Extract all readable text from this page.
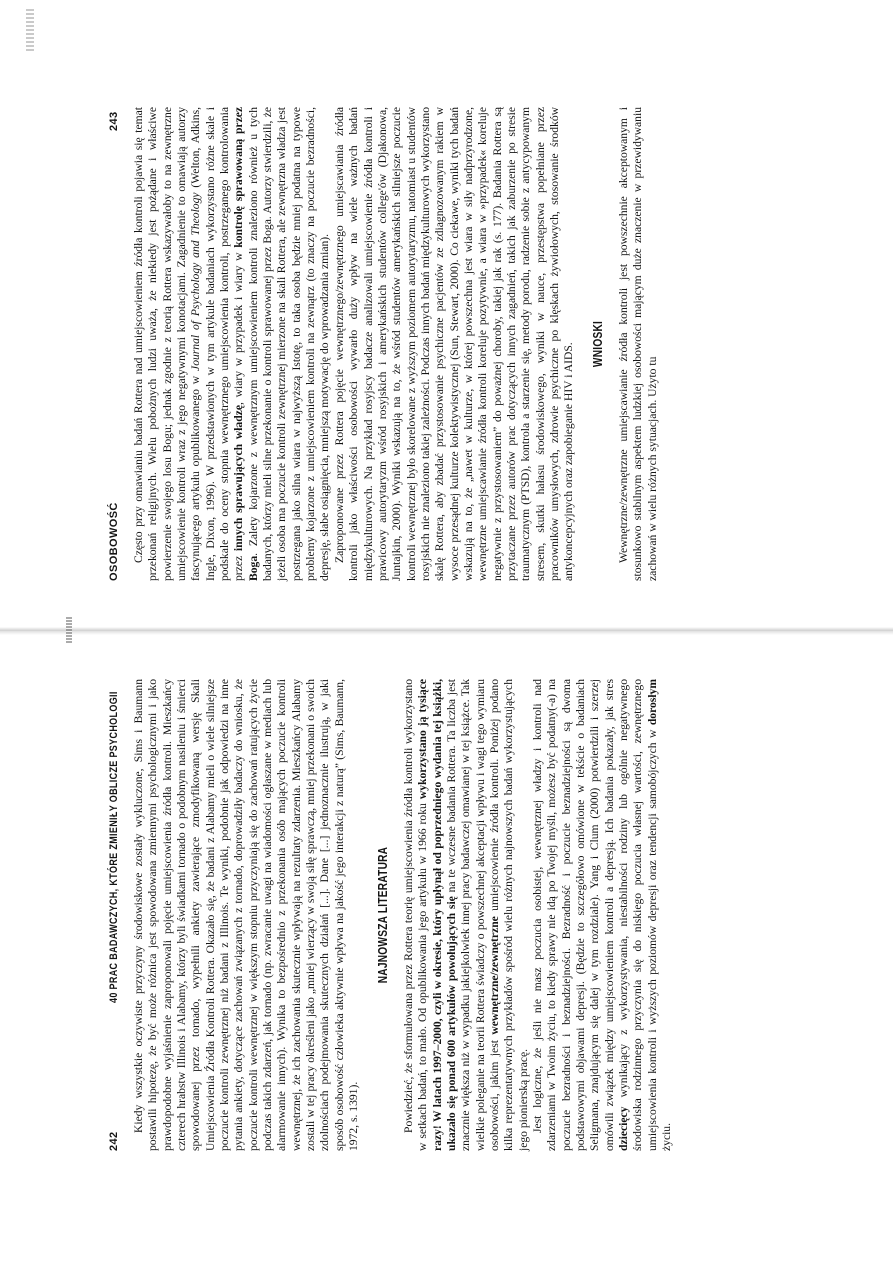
242
40 PRAC BADAWCZYCH, KTÓRE ZMIENIŁY OBLICZE PSYCHOLOGII Kiedy wszystkie oczywiste przyczyny środowiskowe zostały wykluczone, Sims i Baumann postawili hipotezę, że być może różnica jest spowodowana zmiennymi psychologicznymi i jako prawdopodobne wyjaśnienie zaproponowali pojęcie umiejscowienia źródła kontroli. Mieszkańcy czterech hrabstw Illinois i Alabamy, którzy byli świadkami tornado o podobnym nasileniu i śmierci spowodowanej przez tornado, wypełnili ankiety zawierające zmodyfikowaną wersję Skali Umiejscowienia Źródła Kontroli Rottera. Okazało się, że badani z Alabamy mieli o wiele silniejsze poczucie kontroli zewnętrznej niż badani z Illinois. Te wyniki, podobnie jak odpowiedzi na inne pytania ankiety, dotyczące zachowań związanych z tornado, doprowadziły badaczy do wniosku, że poczucie kontroli wewnętrznej w większym stopniu przyczyniają się do zachowań ratujących życie podczas takich zdarzeń, jak tornado (np. zwracanie uwagi na wiadomości ogłaszane w mediach lub alarmowanie innych). Wynika to bezpośrednio z przekonania osób mających poczucie kontroli wewnętrznej, że ich zachowania skutecznie wpływają na rezultaty zdarzenia. Mieszkańcy Alabamy zostali w tej pracy określeni jako „mniej wierzący w swoją siłę sprawczą, mniej przekonani o swoich zdolnościach podejmowania skutecznych działań [...]. Dane [...] jednoznacznie ilustrują, w jaki sposób osobowość człowieka aktywnie wpływa na jakość jego interakcji z naturą” (Sims, Baumann, 1972, s. 1391).

NAJNOWSZA LITERATURA Powiedzieć, że sformułowana przez Rottera teorię umiejscowienia źródła kontroli wykorzystano w setkach badań, to mało. Od opublikowania jego artykułu w 1966 roku wykorzystano ją tysiące razy! W latach 1997–2000, czyli w okresie, który upłynął od poprzedniego wydania tej książki, ukazało się ponad 600 artykułów powołujących się na te wczesne badania Rottera. Ta liczba jest znacznie większa niż w wypadku jakiejkolwiek innej pracy badawczej omawianej w tej książce. Tak wielkie poleganie na teorii Rottera świadczy o powszechnej akceptacji wpływu i wagi tego wymiaru osobowości, jakim jest wewnętrzne/zewnętrzne umiejscowienie źródła kontroli. Poniżej podano kilka reprezentatywnych przykładów spośród wielu różnych najnowszych badań wykorzystujących jego pionierską pracę. Jest logiczne, że jeśli nie masz poczucia osobistej, wewnętrznej władzy i kontroli nad zdarzeniami w Twoim życiu, to kiedy sprawy nie idą po Twojej myśli, możesz być podatny(-a) na poczucie bezradności i beznadziejności. Bezradność i poczucie beznadziejności są dwoma podstawowymi objawami depresji. (Będzie to szczegółowo omówione w tekście o badaniach Seligmana, znajdującym się dalej w tym rozdziale). Yang i Clum (2000) potwierdzili i szerzej omówili związek między umiejscowieniem kontroli a depresją. Ich badania pokazały, jak stres dziecięcy wynikający z wykorzystywania, niestabilności rodziny lub ogólnie negatywnego środowiska rodzinnego przyczynia się do niskiego poczucia własnej wartości, zewnętrznego umiejscowienia kontroli i wyższych poziomów depresji oraz tendencji samobójczych w dorosłym życiu.

OSOBOWOŚĆ
243 Często przy omawianiu badań Rottera nad umiejscowieniem źródła kontroli pojawia się temat przekonań religijnych. Wielu pobożnych ludzi uważa, że niekiedy jest pożądane i właściwe powierzenie swojego losu Bogu; jednak zgodnie z teorią Rottera wskazywałoby to na zewnętrzne umiejscowienie kontroli wraz z jego negatywnymi konotacjami. Zagadnienie to omawiają autorzy fascynującego artykułu opublikowanego w Journal of Psychology and Theology (Welton, Adkins, Ingle, Dixon, 1996). W przedstawionych w tym artykule badaniach wykorzystano różne skale i podskale do oceny stopnia wewnętrznego umiejscowienia kontroli, postrzeganego kontrolowania przez innych sprawujących władzę, wiary w przypadek i wiary w kontrolę sprawowaną przez Boga. Zalety kojarzone z wewnętrznym umiejscowieniem kontroli znaleziono również u tych badanych, którzy mieli silne przekonanie o kontroli sprawowanej przez Boga. Autorzy stwierdzili, że jeżeli osoba ma poczucie kontroli zewnętrznej mierzone na skali Rottera, ale zewnętrzna władza jest postrzegana jako silna wiara w najwyższą Istotę, to taka osoba będzie mniej podatna na typowe problemy kojarzone z umiejscowieniem kontroli na zewnątrz (to znaczy na poczucie bezradności, depresję, słabe osiągnięcia, mniejszą motywację do wprowadzania zmian). Zaproponowane przez Rottera pojęcie wewnętrznego/zewnętrznego umiejscawiania źródła kontroli jako właściwości osobowości wywarło duży wpływ na wiele ważnych badań międzykulturowych. Na przykład rosyjscy badacze analizowali umiejscowienie źródła kontroli i prawicowy autorytaryzm wśród rosyjskich i amerykańskich studentów college'ów (Djakonowa, Juntajkin, 2000). Wyniki wskazują na to, że wśród studentów amerykańskich silniejsze poczucie kontroli wewnętrznej było skorelowane z wyższym poziomem autorytaryzmu, natomiast u studentów rosyjskich nie znaleziono takiej zależności. Podczas innych badań międzykulturowych wykorzystano skalę Rottera, aby zbadać przystosowanie psychiczne pacjentów ze zdiagnozowanym rakiem w wysoce przesądnej kulturze kolektywistycznej (Sun, Stewart, 2000). Co ciekawe, wyniki tych badań wskazują na to, że „nawet w kulturze, w której powszechna jest wiara w siły nadprzyrodzone, wewnętrzne umiejscawianie źródła kontroli koreluje pozytywnie, a wiara w »przypadek« koreluje negatywnie z przystosowaniem” do poważnej choroby, takiej jak rak (s. 177). Badania Rottera są przytaczane przez autorów prac dotyczących innych zagadnień, takich jak zaburzenie po stresie traumatycznym (PTSD), kontrola a starzenie się, metody porodu, radzenie sobie z antycypowanym stresem, skutki hałasu środowiskowego, wyniki w nauce, przestępstwa popełniane przez pracowników umysłowych, zdrowie psychiczne po klęskach żywiołowych, stosowanie środków antykoncepcyjnych oraz zapobieganie HIV i AIDS. WNIOSKI Wewnętrzne/zewnętrzne umiejscawianie źródła kontroli jest powszechnie akceptowanym i stosunkowo stabilnym aspektem ludzkiej osobowości mającym duże znaczenie w przewidywaniu zachowań w wielu różnych sytuacjach. Użyto tu
